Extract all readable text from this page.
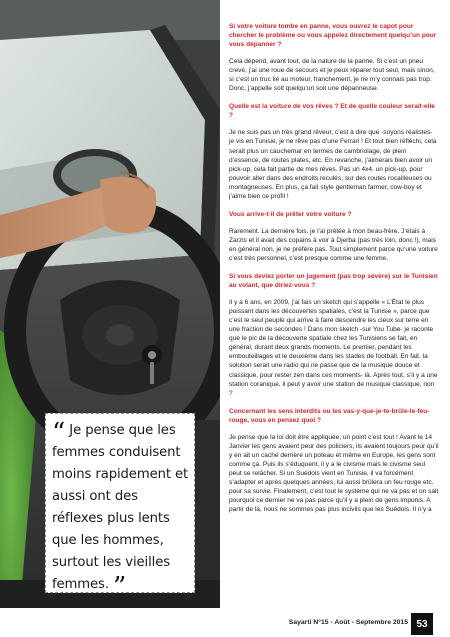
“ Je pense que les femmes conduisent moins rapidement et aussi ont des réflexes plus lents que les hommes, surtout les vieilles femmes. ”

Si votre voiture tombe en panne, vous ouvrez le capot pour chercher le problème ou vous appelez directement quelqu’un pour vous dépanner ?

Cela dépend, avant tout, de la nature de la panne. Si c’est un pneu crevé, j’ai une roue de secours et je peux réparer tout seul, mais sinon, si c’est un truc lié au moteur, franchement, je ne m’y connais pas trop. Donc, j’appelle soit quelqu’un soit une dépanneuse.

Quelle est la voiture de vos rêves ? Et de quelle couleur serait-elle ?

Je ne suis pas un très grand rêveur, c’est à dire que -soyons réalistes- je vis en Tunisie, je ne rêve pas d’une Ferrari ! Et tout bien réfléchi, cela serait plus un cauchemar en termes de cambriolage, de plein d’essence, de routes plates, etc. En revanche, j’aimerais bien avoir un pick-up, cela fait partie de mes rêves. Pas un 4x4, un pick-up, pour pouvoir aller dans des endroits reculés, sur des routes rocailleuses ou montagneuses. En plus, ça fait style gentleman farmer, cow-boy et j’aime bien ce profil !

Vous arrive-t-il de prêter votre voiture ?

Rarement. La dernière fois, je l’ai prêtée à mon beau-frère. J’étais à Zarzis et il avait des copains à voir à Djerba (pas très loin, donc !), mais en général non, je ne préfère pas. Tout simplement parce qu’une voiture c’est très personnel, c’est presque comme une femme.

Si vous deviez porter un jugement (pas trop sévère) sur le Tunisien au volant, que diriez-vous ?

Il y a 6 ans, en 2009, j’ai fais un sketch qui s’appelle « L’État le plus puissant dans les découvertes spatiales, c’est la Tunisie », parce que c’est le seul peuple qui arrive à faire descendre les cieux sur terre en une fraction de secondes ! Dans mon sketch -sur You Tube- je raconte que le pic de la découverte spatiale chez les Tunisiens se fait, en général, durant deux grands moments. Le premier, pendant les embouteillages et le deuxième dans les stades de football. En fait, la solution serait une radio qui ne passe que de la musique douce et classique, pour rester zen dans ces moments- là. Après tout, s’il y a une station coranique, il peut y avoir une station de musique classique, non ?

Concernant les sens interdits ou les vas-y-que-je-te-brûle-le-feu-rouge, vous en pensez quoi ?

Je pense que la loi doit être appliquée, un point c’est tout ! Avant le 14 Janvier les gens avaient peur des policiers, ils avaient toujours peur qu’il y en ait un caché derrière un poteau et même en Europe, les gens sont comme ça. Puis ils s’éduquent, il y a le civisme mais le civisme seul peut se relâcher. Si un Suédois vient en Tunisie, il va forcément s’adapter et après quelques années, lui aussi brûlera un feu rouge etc. pour sa survie. Finalement, c’est tout le système qui ne va pas et on sait pourquoi ce dernier ne va pas parce qu’il y a plein de gens impunis. A partir de là, nous ne sommes pas plus incivils que les Suédois. Il n’y a

Sayarti N°15 - Août - Septembre 2015 53
